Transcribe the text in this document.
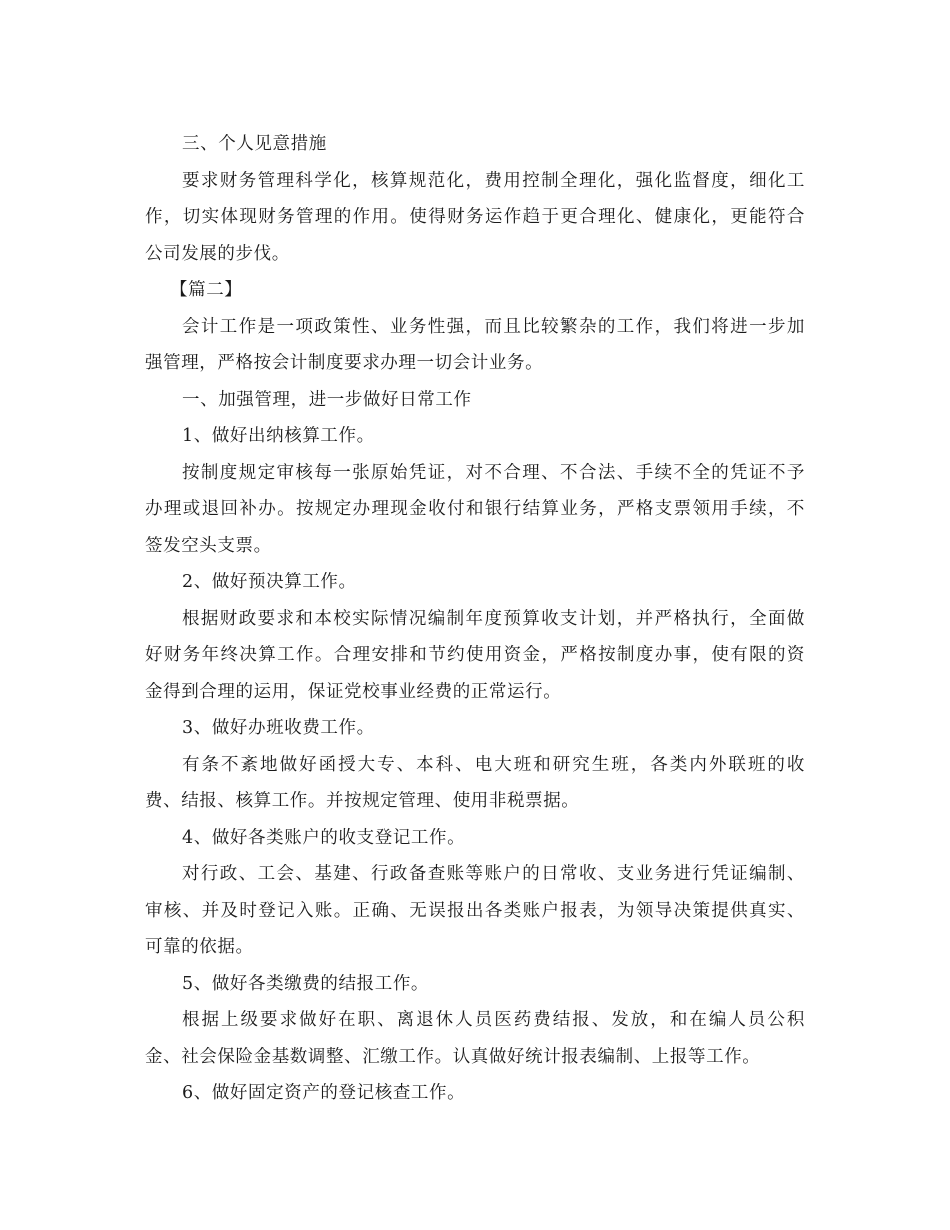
三、个人见意措施
要求财务管理科学化，核算规范化，费用控制全理化，强化监督度，细化工
作，切实体现财务管理的作用。使得财务运作趋于更合理化、健康化，更能符合
公司发展的步伐。
【篇二】
会计工作是一项政策性、业务性强，而且比较繁杂的工作，我们将进一步加
强管理，严格按会计制度要求办理一切会计业务。
一、加强管理，进一步做好日常工作
1、做好出纳核算工作。
按制度规定审核每一张原始凭证，对不合理、不合法、手续不全的凭证不予
办理或退回补办。按规定办理现金收付和银行结算业务，严格支票领用手续，不
签发空头支票。
2、做好预决算工作。
根据财政要求和本校实际情况编制年度预算收支计划，并严格执行，全面做
好财务年终决算工作。合理安排和节约使用资金，严格按制度办事，使有限的资
金得到合理的运用，保证党校事业经费的正常运行。
3、做好办班收费工作。
有条不紊地做好函授大专、本科、电大班和研究生班，各类内外联班的收
费、结报、核算工作。并按规定管理、使用非税票据。
4、做好各类账户的收支登记工作。
对行政、工会、基建、行政备查账等账户的日常收、支业务进行凭证编制、
审核、并及时登记入账。正确、无误报出各类账户报表，为领导决策提供真实、
可靠的依据。
5、做好各类缴费的结报工作。
根据上级要求做好在职、离退休人员医药费结报、发放，和在编人员公积
金、社会保险金基数调整、汇缴工作。认真做好统计报表编制、上报等工作。
6、做好固定资产的登记核查工作。
